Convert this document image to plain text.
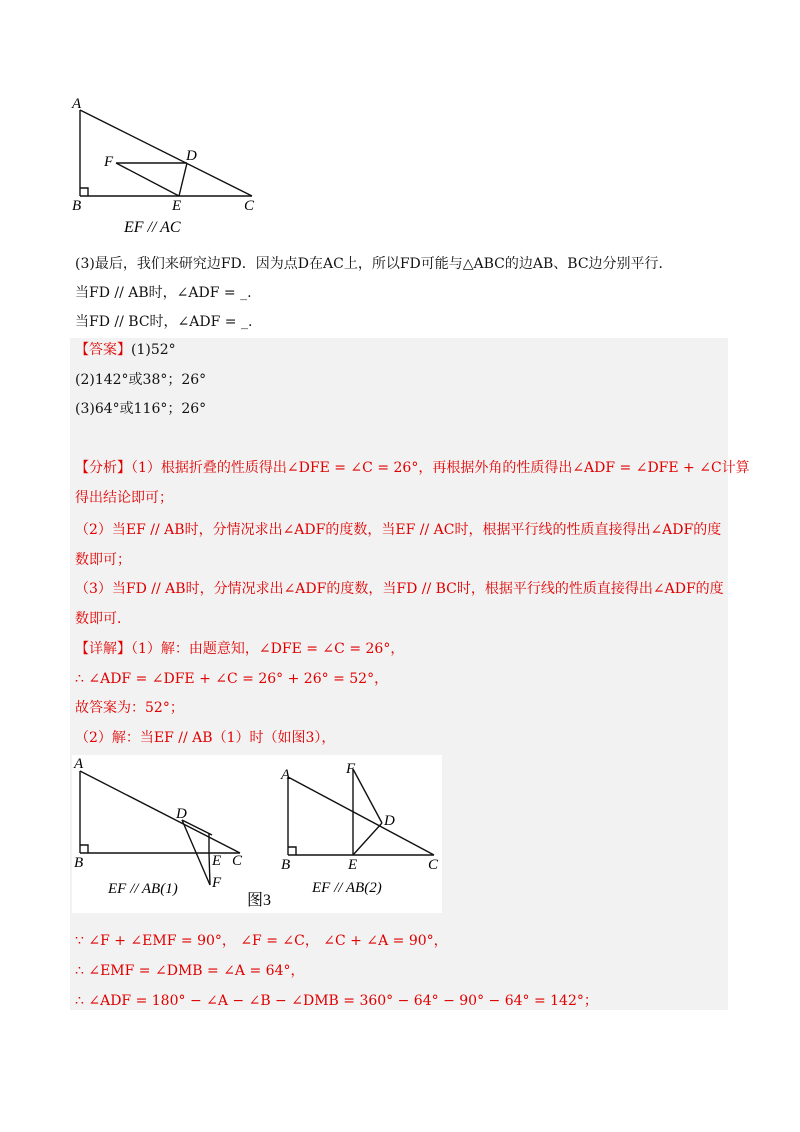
A
B	C
D
E
F
EF // AC
(3)最后，我们来研究边FD．因为点D在AC上，所以FD可能与△ABC的边AB、BC边分别平行．
当FD // AB时，∠ADF = _.
当FD // BC时，∠ADF = _.
【答案】(1)52°
(2)142°或38°；26°
(3)64°或116°；26°
【分析】（1）根据折叠的性质得出∠DFE = ∠C = 26°，再根据外角的性质得出∠ADF = ∠DFE + ∠C计算
得出结论即可；
（2）当EF // AB时，分情况求出∠ADF的度数，当EF // AC时，根据平行线的性质直接得出∠ADF的度
数即可；
（3）当FD // AB时，分情况求出∠ADF的度数，当FD // BC时，根据平行线的性质直接得出∠ADF的度
数即可．
【详解】（1）解：由题意知，∠DFE = ∠C = 26°，
∴ ∠ADF = ∠DFE + ∠C = 26° + 26° = 52°，
故答案为：52°；
（2）解：当EF // AB（1）时（如图3），
A
B	C
D
E
F
EF // AB(1)
A
B	C
D
E
F
EF // AB(2)
图3
∵ ∠F + ∠EMF = 90°， ∠F = ∠C， ∠C + ∠A = 90°，
∴ ∠EMF = ∠DMB = ∠A = 64°，
∴ ∠ADF = 180° − ∠A − ∠B − ∠DMB = 360° − 64° − 90° − 64° = 142°；
